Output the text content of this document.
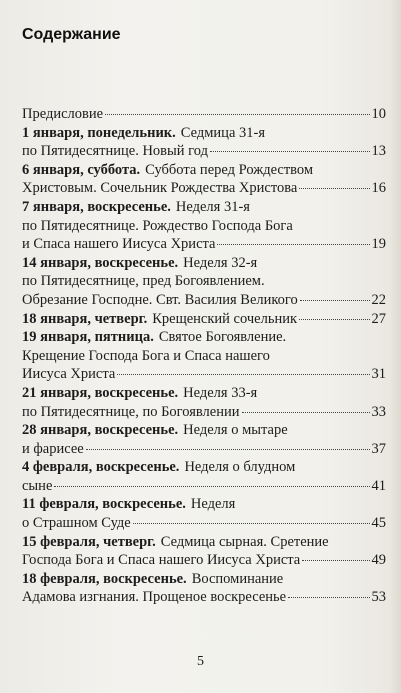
Содержание
Предисловие	10
1 января, понедельник. Седмица 31-я
по Пятидесятнице. Новый год	13
6 января, суббота. Суббота перед Рождеством
Христовым. Сочельник Рождества Христова	16
7 января, воскресенье. Неделя 31-я
по Пятидесятнице. Рождество Господа Бога
и Спаса нашего Иисуса Христа	19
14 января, воскресенье. Неделя 32-я
по Пятидесятнице, пред Богоявлением.
Обрезание Господне. Свт. Василия Великого	22
18 января, четверг. Крещенский сочельник	27
19 января, пятница. Святое Богоявление.
Крещение Господа Бога и Спаса нашего
Иисуса Христа	31
21 января, воскресенье. Неделя 33-я
по Пятидесятнице, по Богоявлении	33
28 января, воскресенье. Неделя о мытаре
и фарисее	37
4 февраля, воскресенье. Неделя о блудном
сыне	41
11 февраля, воскресенье. Неделя
о Страшном Суде	45
15 февраля, четверг. Седмица сырная. Сретение
Господа Бога и Спаса нашего Иисуса Христа	49
18 февраля, воскресенье. Воспоминание
Адамова изгнания. Прощеное воскресенье	53
5
